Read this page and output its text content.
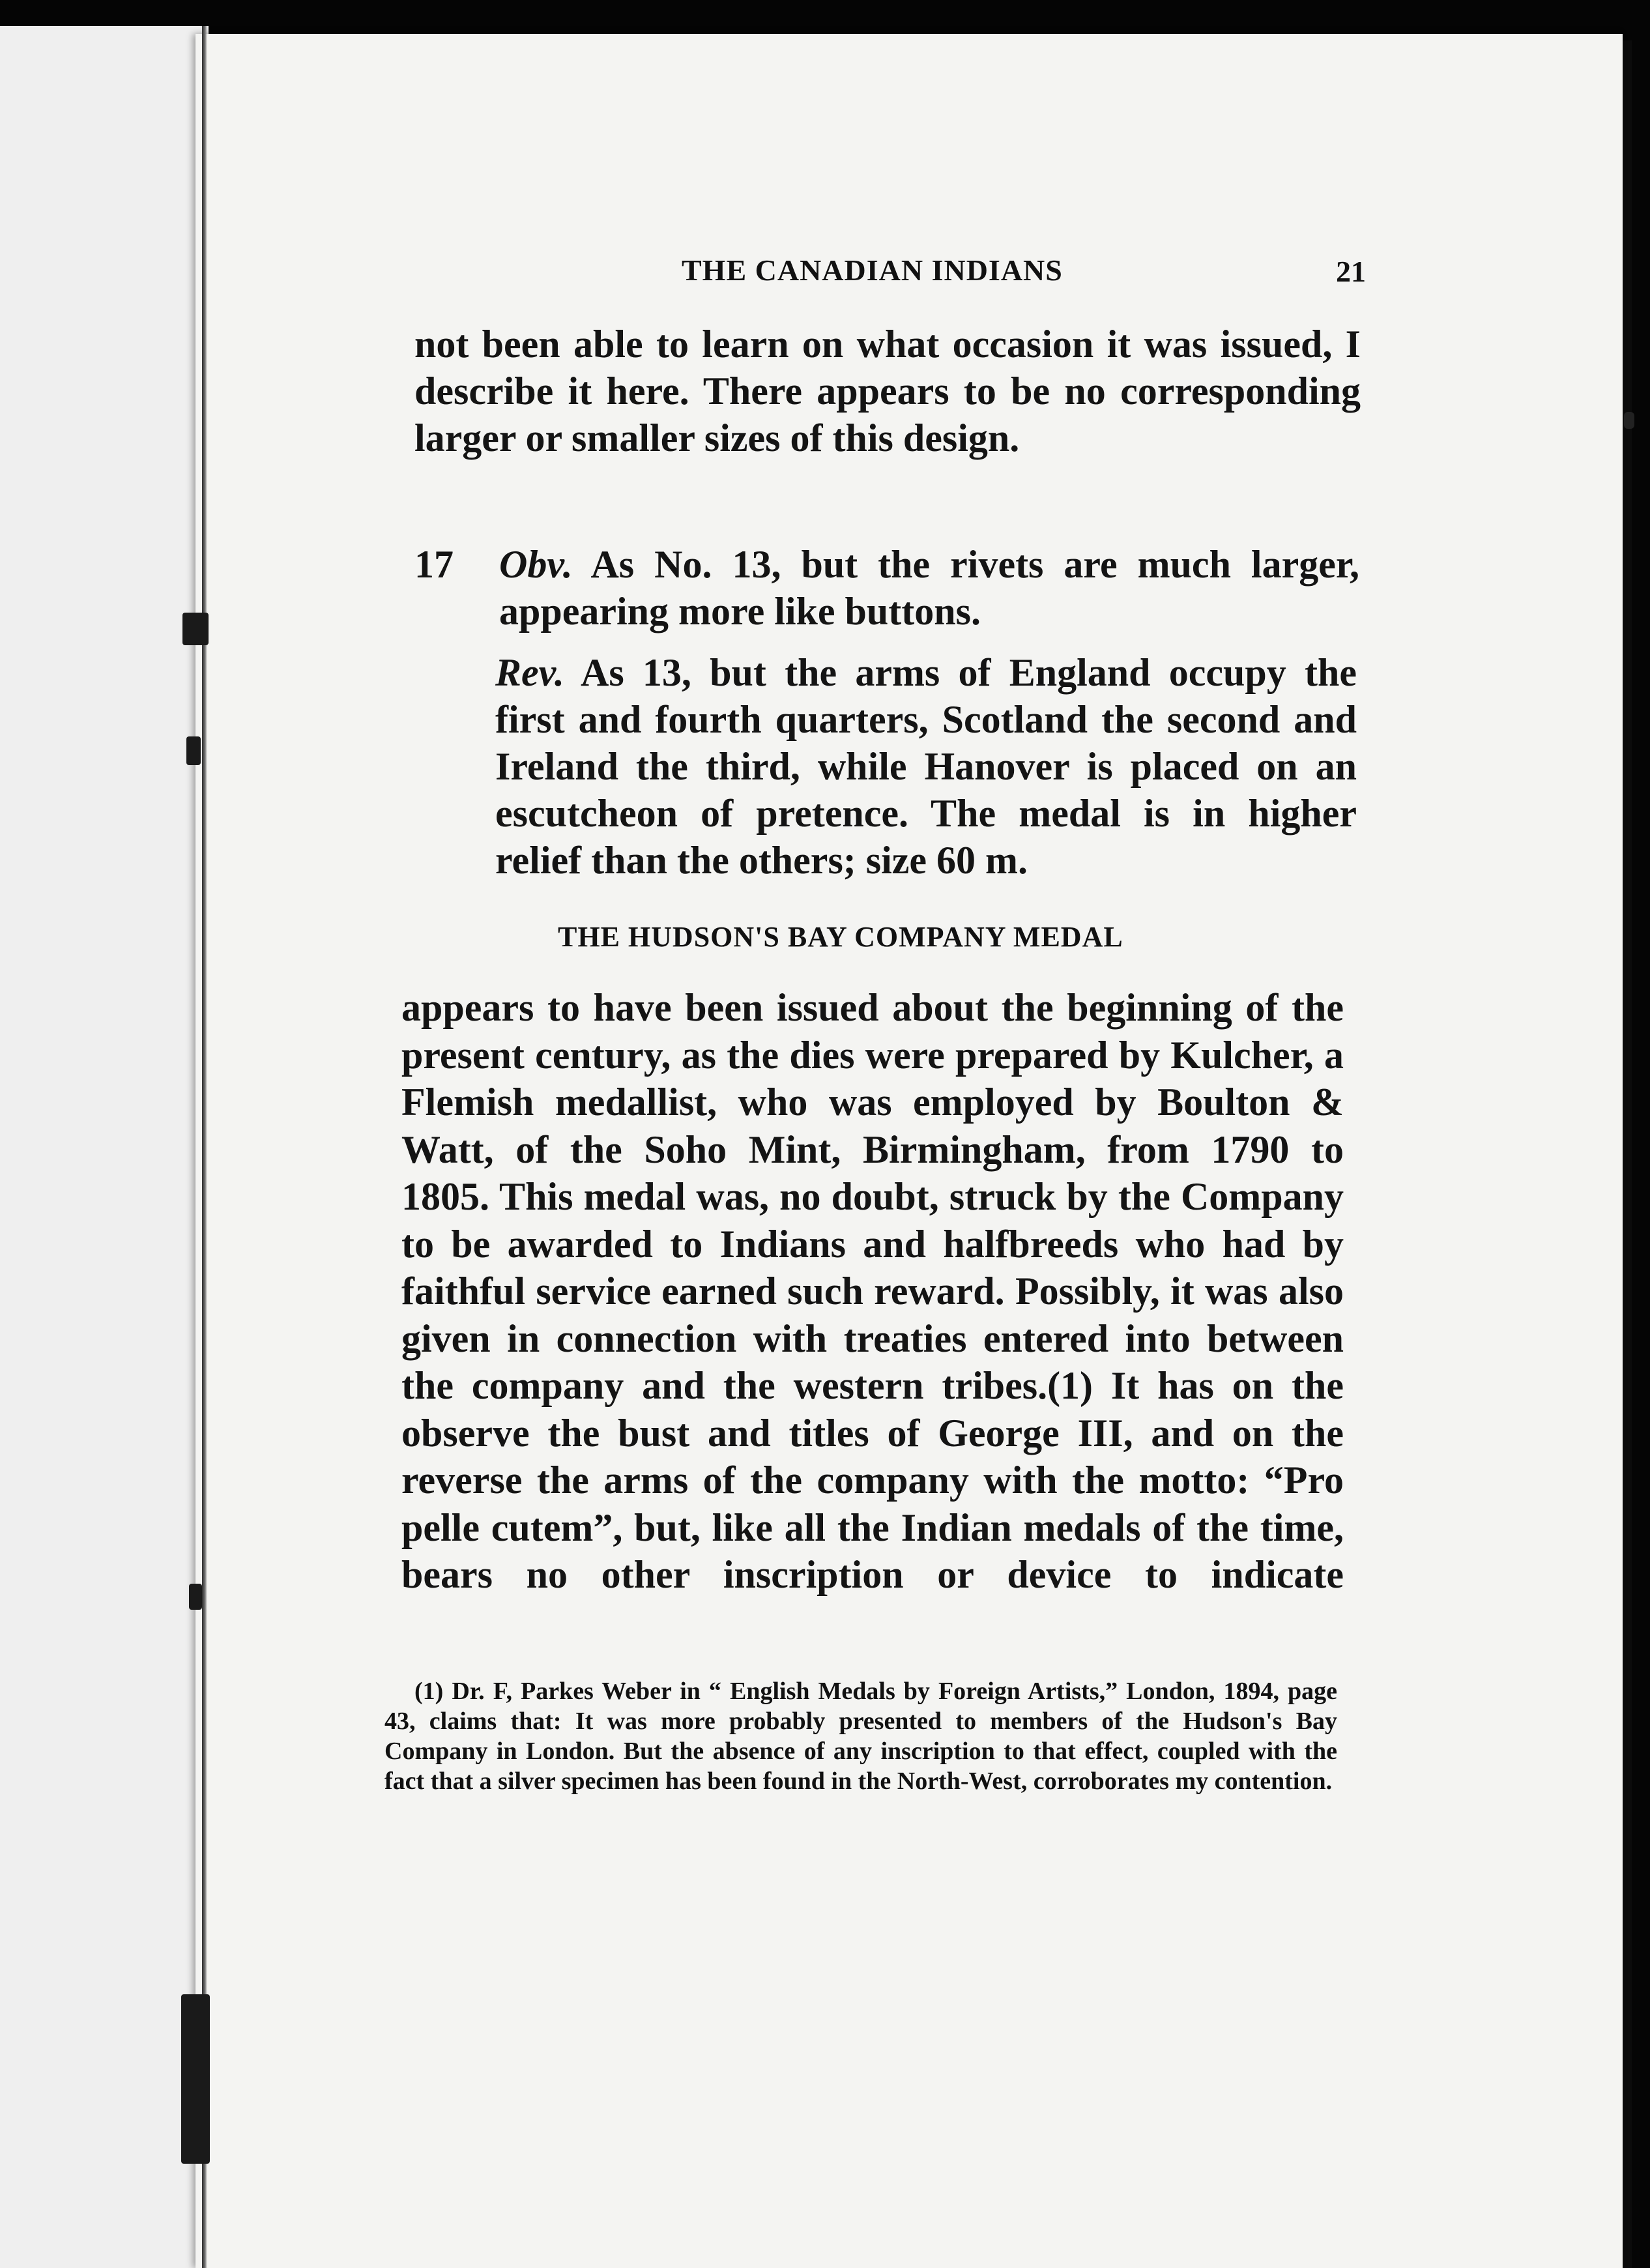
THE CANADIAN INDIANS	21

not been able to learn on what occasion it was issued, I describe it here. There appears to be no corresponding larger or smaller sizes of this design.

17 Obv. As No. 13, but the rivets are much larger, appearing more like buttons.

Rev. As 13, but the arms of England occupy the first and fourth quarters, Scotland the second and Ireland the third, while Hanover is placed on an escutcheon of pretence. The medal is in higher relief than the others; size 60 m.

THE HUDSON'S BAY COMPANY MEDAL

appears to have been issued about the beginning of the present century, as the dies were prepared by Kulcher, a Flemish medallist, who was employed by Boulton & Watt, of the Soho Mint, Birmingham, from 1790 to 1805. This medal was, no doubt, struck by the Company to be awarded to Indians and halfbreeds who had by faithful service earned such reward. Possibly, it was also given in connection with treaties entered into between the company and the western tribes.(1) It has on the observe the bust and titles of George III, and on the reverse the arms of the company with the motto: “Pro pelle cutem”, but, like all the Indian medals of the time, bears no other inscription or device to indicate

(1) Dr. F, Parkes Weber in “ English Medals by Foreign Artists,” London, 1894, page 43, claims that: It was more probably presented to members of the Hudson's Bay Company in London. But the absence of any inscription to that effect, coupled with the fact that a silver specimen has been found in the North-West, corroborates my contention.
